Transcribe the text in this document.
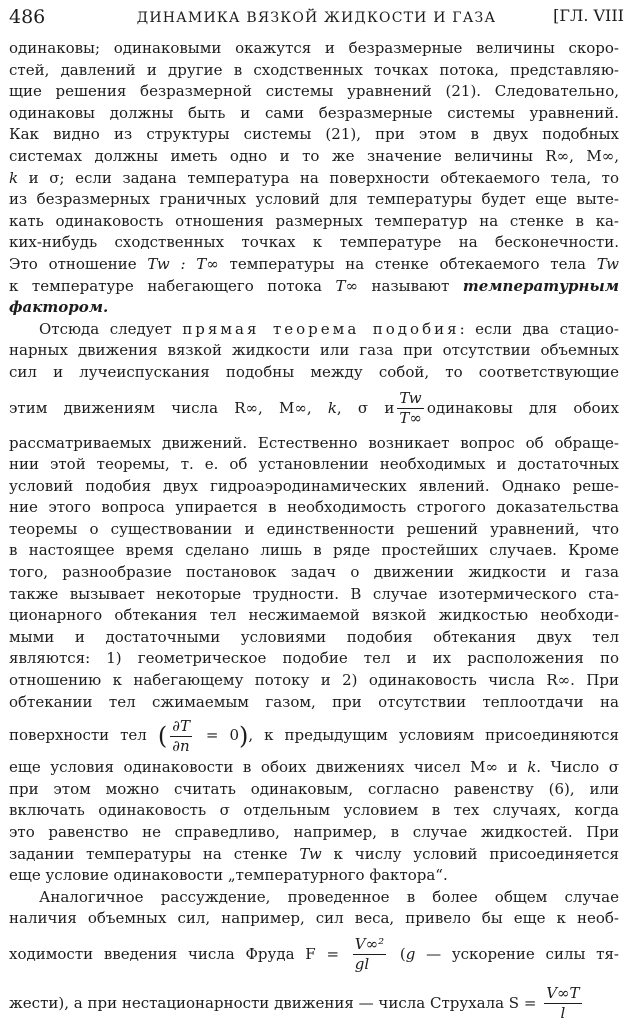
486	ДИНАМИКА ВЯЗКОЙ ЖИДКОСТИ И ГАЗА	[ГЛ. VIII
одинаковы; одинаковыми окажутся и безразмерные величины скоро-
стей, давлений и другие в сходственных точках потока, представляю-
щие решения безразмерной системы уравнений (21). Следовательно,
одинаковы должны быть и сами безразмерные системы уравнений.
Как видно из структуры системы (21), при этом в двух подобных
системах должны иметь одно и то же значение величины R∞, M∞,
k и σ; если задана температура на поверхности обтекаемого тела, то
из безразмерных граничных условий для температуры будет еще выте-
кать одинаковость отношения размерных температур на стенке в ка-
ких-нибудь сходственных точках к температуре на бесконечности.
Это отношение Tw : T∞ температуры на стенке обтекаемого тела Tw
к температуре набегающего потока T∞ называют температурным
фактором.
Отсюда следует прямая теорема подобия: если два стацио-
нарных движения вязкой жидкости или газа при отсутствии объемных
сил и лучеиспускания подобны между собой, то соответствующие
этим движениям числа R∞, M∞, k, σ и $\frac{Tw}{T\infty}$ одинаковы для обоих
рассматриваемых движений. Естественно возникает вопрос об обращe-
нии этой теоремы, т. е. об установлении необходимых и достаточных
условий подобия двух гидроаэродинамических явлений. Однако реше-
ние этого вопроса упирается в необходимость строгого доказательства
теоремы о существовании и единственности решений уравнений, что
в настоящее время сделано лишь в ряде простейших случаев. Кроме
того, разнообразие постановок задач о движении жидкости и газа
также вызывает некоторые трудности. В случае изотермического ста-
ционарного обтекания тел несжимаемой вязкой жидкостью необходи-
мыми и достаточными условиями подобия обтекания двух тел
являются: 1) геометрическое подобие тел и их расположения по
отношению к набегающему потоку и 2) одинаковость числа R∞. При
обтекании тел сжимаемым газом, при отсутствии теплоотдачи на
поверхности тел ( $\frac{\partial T}{\partial n} = 0$), к предыдущим условиям присоединяются
еще условия одинаковости в обоих движениях чисел M∞ и k. Число σ
при этом можно считать одинаковым, согласно равенству (6), или
включать одинаковость σ отдельным условием в тех случаях, когда
это равенство не справедливо, например, в случае жидкостей. При
задании температуры на стенке Tw к числу условий присоединяется
еще условие одинаковости „температурного фактора“.
Аналогичное рассуждение, проведенное в более общем случае
наличия объемных сил, например, сил веса, привело бы еще к необ-
ходимости введения числа Фруда $F = \frac{\text{V∞²}}{gl} (g$ — ускорение силы тя-
жести), а при нестационарности движения — числа Струхала $S = \frac{V\infty T}{l}$
